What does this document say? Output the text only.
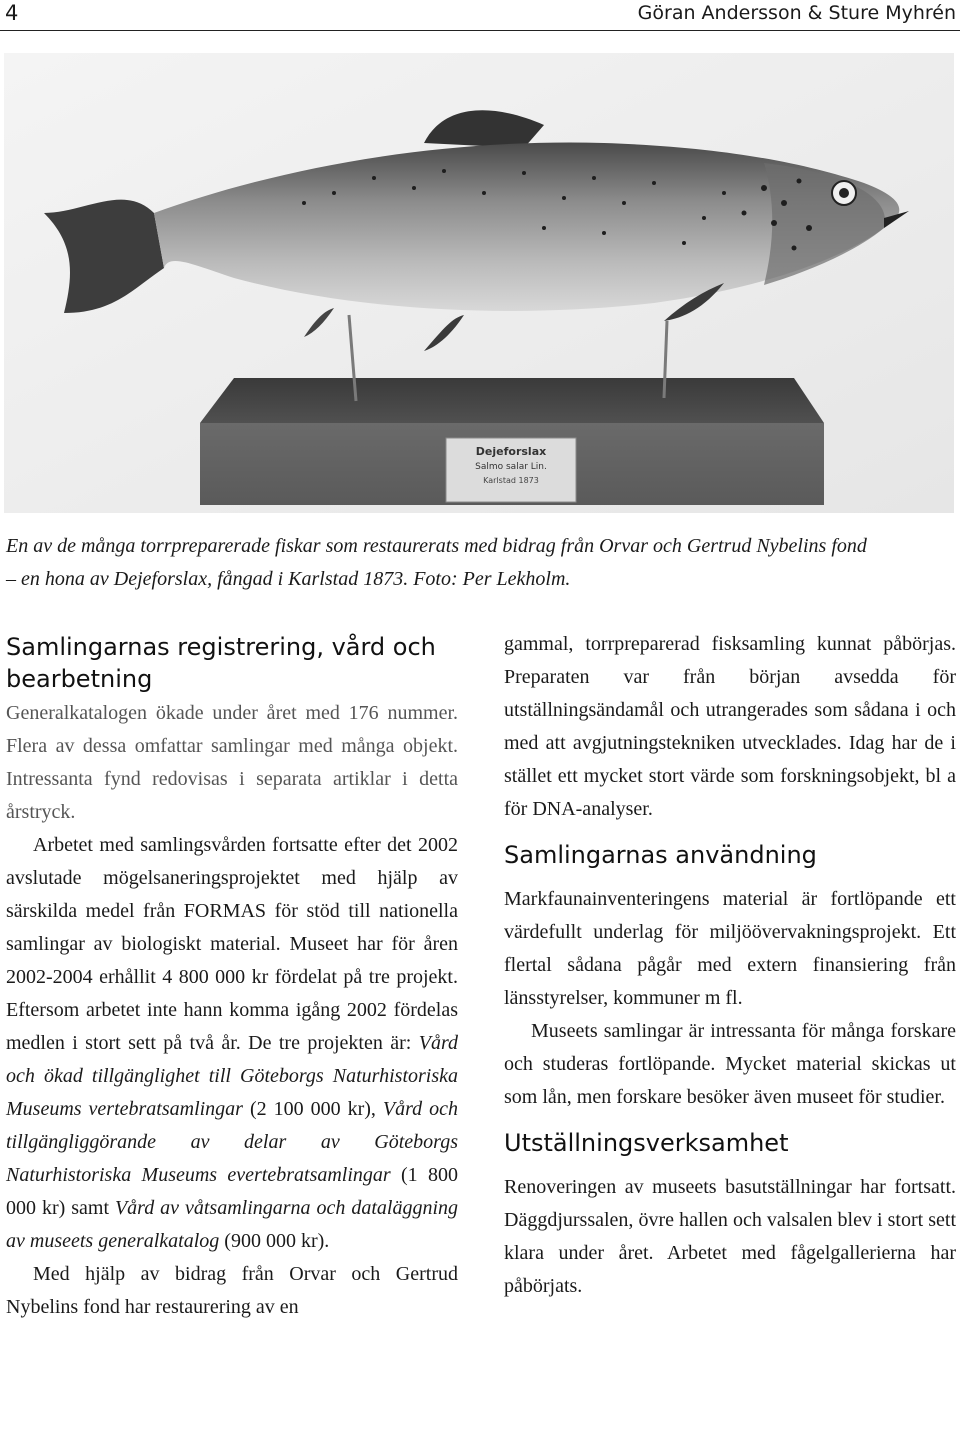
4	Göran Andersson & Sture Myhrén
Dejeforslax
Salmo salar Lin.
Karlstad 1873
En av de många torrpreparerade fiskar som restaurerats med bidrag från Orvar och Gertrud Nybelins fond
– en hona av Dejeforslax, fångad i Karlstad 1873. Foto: Per Lekholm.
Samlingarnas registrering, vård och bearbetning

Generalkatalogen ökade under året med 176 nummer. Flera av dessa omfattar samlingar med många objekt. Intressanta fynd redovisas i separata artiklar i detta årstryck.

Arbetet med samlingsvården fortsatte efter det 2002 avslutade mögelsaneringsprojektet med hjälp av särskilda medel från FORMAS för stöd till nationella samlingar av biologiskt material. Museet har för åren 2002-2004 erhållit 4 800 000 kr fördelat på tre projekt. Eftersom arbetet inte hann komma igång 2002 fördelas medlen i stort sett på två år. De tre projekten är: Vård och ökad tillgänglighet till Göteborgs Naturhistoriska Museums vertebratsamlingar (2 100 000 kr), Vård och tillgängliggörande av delar av Göteborgs Naturhistoriska Museums evertebratsamlingar (1 800 000 kr) samt Vård av våtsamlingarna och dataläggning av museets generalkatalog (900 000 kr).

Med hjälp av bidrag från Orvar och Gertrud Nybelins fond har restaurering av en

gammal, torrpreparerad fisksamling kunnat påbörjas. Preparaten var från början avsedda för utställningsändamål och utrangerades som sådana i och med att avgjutningstekniken utvecklades. Idag har de i stället ett mycket stort värde som forskningsobjekt, bl a för DNA-analyser.

Samlingarnas användning

Markfaunainventeringens material är fortlöpande ett värdefullt underlag för miljöövervakningsprojekt. Ett flertal sådana pågår med extern finansiering från länsstyrelser, kommuner m fl.

Museets samlingar är intressanta för många forskare och studeras fortlöpande. Mycket material skickas ut som lån, men forskare besöker även museet för studier.

Utställningsverksamhet

Renoveringen av museets basutställningar har fortsatt. Däggdjurssalen, övre hallen och valsalen blev i stort sett klara under året. Arbetet med fågelgallerierna har påbörjats.
